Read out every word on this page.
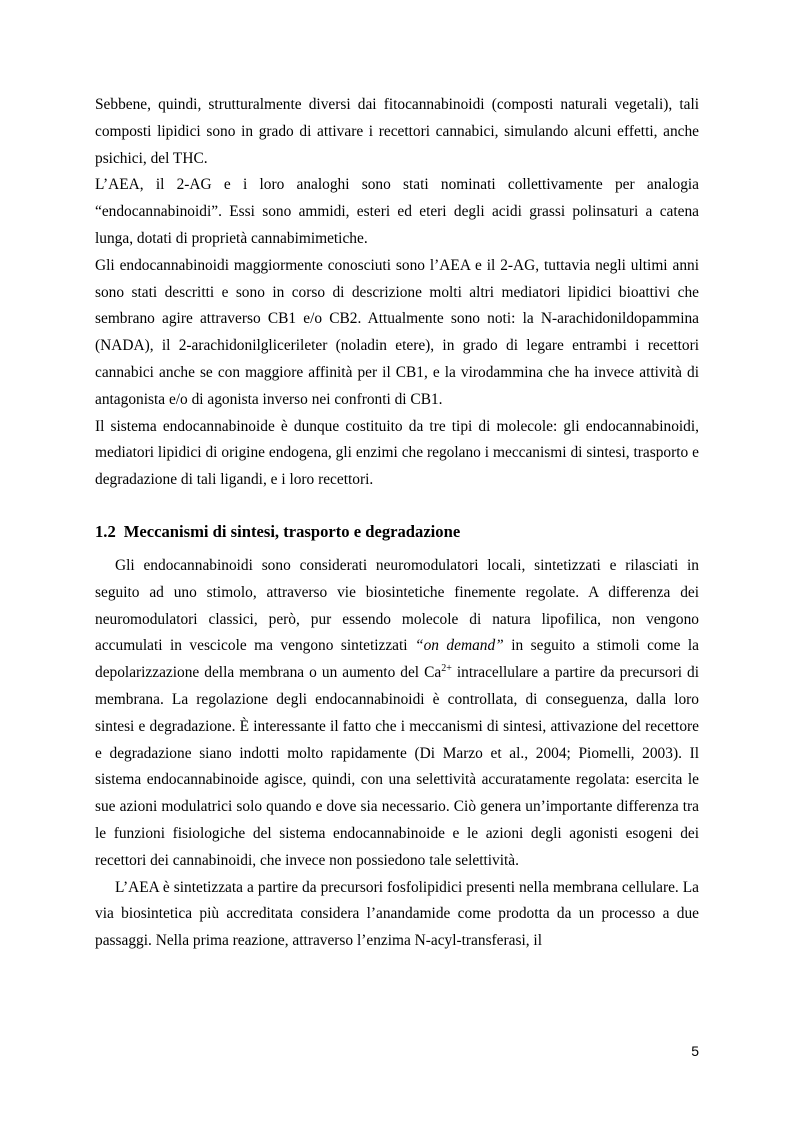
Sebbene, quindi, strutturalmente diversi dai fitocannabinoidi (composti naturali vegetali), tali composti lipidici sono in grado di attivare i recettori cannabici, simulando alcuni effetti, anche psichici, del THC.

L’AEA, il 2-AG e i loro analoghi sono stati nominati collettivamente per analogia “endocannabinoidi”. Essi sono ammidi, esteri ed eteri degli acidi grassi polinsaturi a catena lunga, dotati di proprietà cannabimimetiche.

Gli endocannabinoidi maggiormente conosciuti sono l’AEA e il 2-AG, tuttavia negli ultimi anni sono stati descritti e sono in corso di descrizione molti altri mediatori lipidici bioattivi che sembrano agire attraverso CB1 e/o CB2. Attualmente sono noti: la N-arachidonildopammina (NADA), il 2-arachidonilglicerileter (noladin etere), in grado di legare entrambi i recettori cannabici anche se con maggiore affinità per il CB1, e la virodammina che ha invece attività di antagonista e/o di agonista inverso nei confronti di CB1.

Il sistema endocannabinoide è dunque costituito da tre tipi di molecole: gli endocannabinoidi, mediatori lipidici di origine endogena, gli enzimi che regolano i meccanismi di sintesi, trasporto e degradazione di tali ligandi, e i loro recettori.

1.2 Meccanismi di sintesi, trasporto e degradazione

Gli endocannabinoidi sono considerati neuromodulatori locali, sintetizzati e rilasciati in seguito ad uno stimolo, attraverso vie biosintetiche finemente regolate. A differenza dei neuromodulatori classici, però, pur essendo molecole di natura lipofilica, non vengono accumulati in vescicole ma vengono sintetizzati “on demand” in seguito a stimoli come la depolarizzazione della membrana o un aumento del $Ca^{2+}$ intracellulare a partire da precursori di membrana. La regolazione degli endocannabinoidi è controllata, di conseguenza, dalla loro sintesi e degradazione. È interessante il fatto che i meccanismi di sintesi, attivazione del recettore e degradazione siano indotti molto rapidamente (Di Marzo et al., 2004; Piomelli, 2003). Il sistema endocannabinoide agisce, quindi, con una selettività accuratamente regolata: esercita le sue azioni modulatrici solo quando e dove sia necessario. Ciò genera un’importante differenza tra le funzioni fisiologiche del sistema endocannabinoide e le azioni degli agonisti esogeni dei recettori dei cannabinoidi, che invece non possiedono tale selettività.

L’AEA è sintetizzata a partire da precursori fosfolipidici presenti nella membrana cellulare. La via biosintetica più accreditata considera l’anandamide come prodotta da un processo a due passaggi. Nella prima reazione, attraverso l’enzima N-acyl-transferasi, il

5
